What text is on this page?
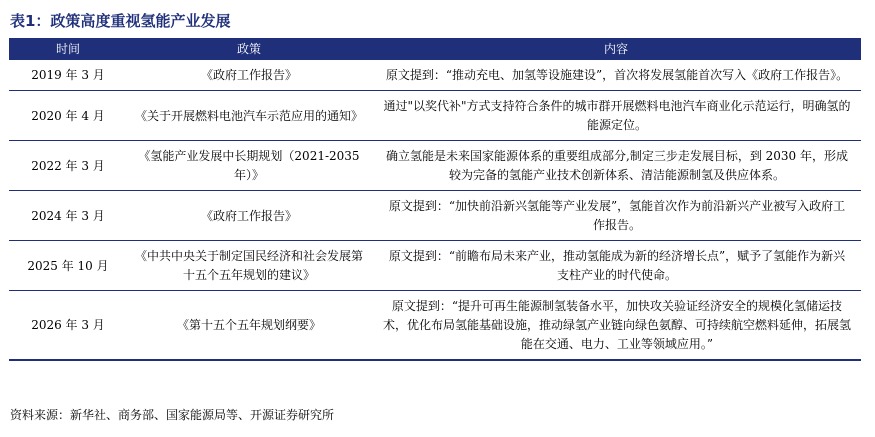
表1：政策高度重视氢能产业发展
时间	政策	内容
2019 年 3 月	《政府工作报告》	原文提到：“推动充电、加氢等设施建设”，首次将发展氢能首次写入《政府工作报告》。
2020 年 4 月	《关于开展燃料电池汽车示范应用的通知》	通过"以奖代补"方式支持符合条件的城市群开展燃料电池汽车商业化示范运行，明确氢的能源定位。
2022 年 3 月	《氢能产业发展中长期规划（2021-2035 年）》	确立氢能是未来国家能源体系的重要组成部分,制定三步走发展目标，到 2030 年，形成较为完备的氢能产业技术创新体系、清洁能源制氢及供应体系。
2024 年 3 月	《政府工作报告》	原文提到：“加快前沿新兴氢能等产业发展”，氢能首次作为前沿新兴产业被写入政府工作报告。
2025 年 10 月	《中共中央关于制定国民经济和社会发展第十五个五年规划的建议》	原文提到：“前瞻布局未来产业，推动氢能成为新的经济增长点”，赋予了氢能作为新兴支柱产业的时代使命。
2026 年 3 月	《第十五个五年规划纲要》	原文提到：“提升可再生能源制氢装备水平，加快攻关验证经济安全的规模化氢储运技术，优化布局氢能基础设施，推动绿氢产业链向绿色氨醇、可持续航空燃料延伸，拓展氢能在交通、电力、工业等领域应用。”
资料来源：新华社、商务部、国家能源局等、开源证券研究所
